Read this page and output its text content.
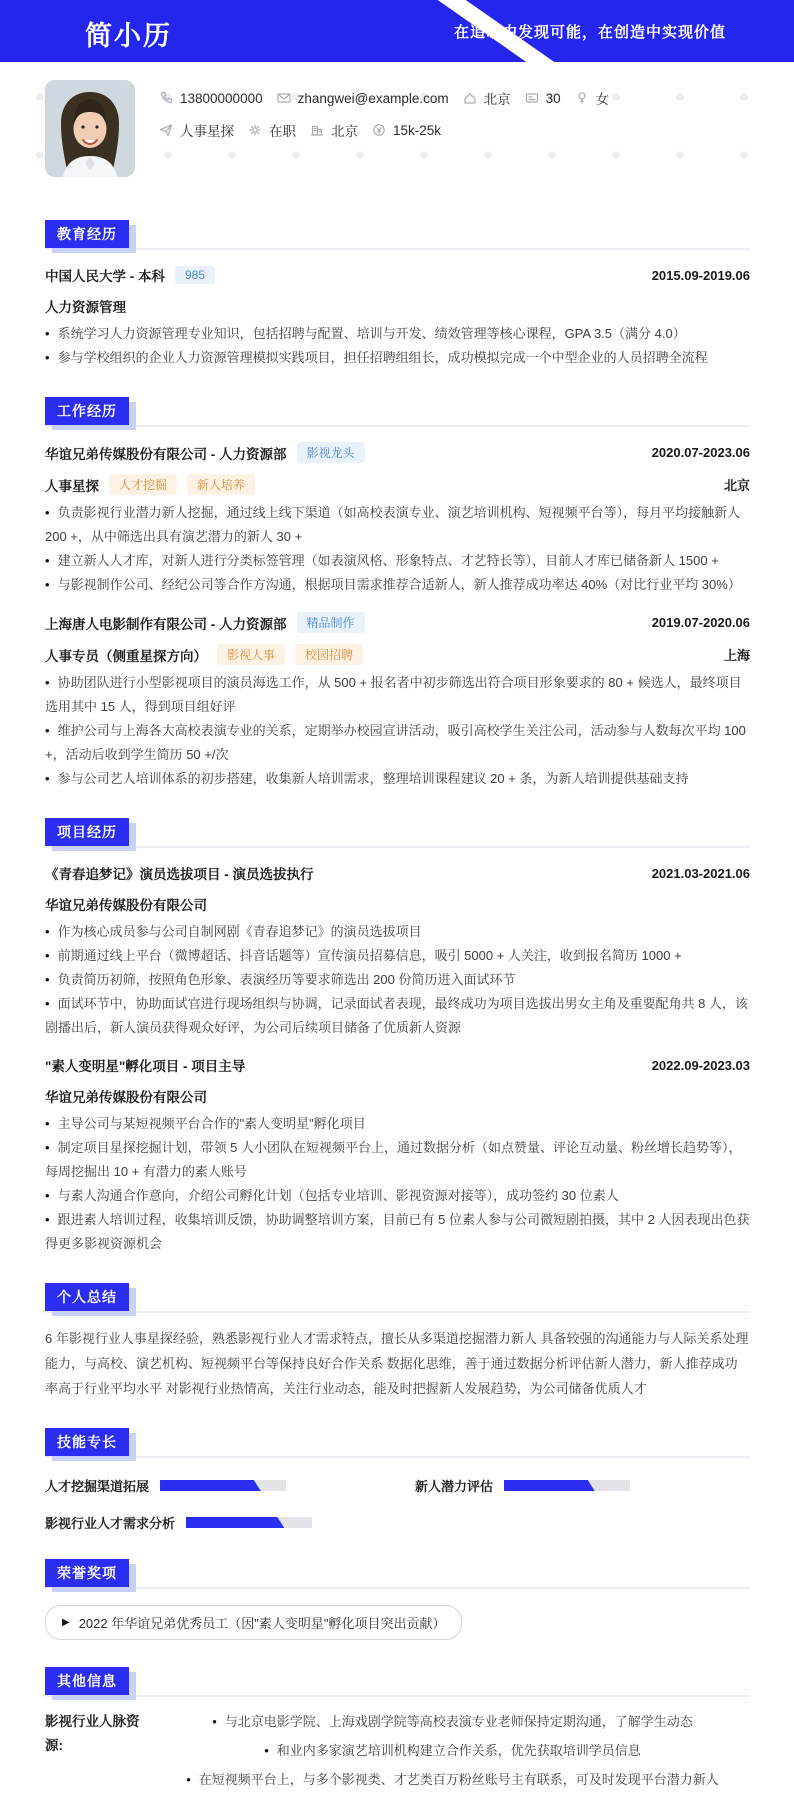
简小历	在追求中发现可能，在创造中实现价值
13800000000	zhangwei@example.com	北京	30	女
人事星探	在职	北京	15k-25k
教育经历
中国人民大学 - 本科	985	2015.09-2019.06
人力资源管理
• 系统学习人力资源管理专业知识，包括招聘与配置、培训与开发、绩效管理等核心课程，GPA 3.5（满分 4.0）
• 参与学校组织的企业人力资源管理模拟实践项目，担任招聘组组长，成功模拟完成一个中型企业的人员招聘全流程
工作经历
华谊兄弟传媒股份有限公司 - 人力资源部	影视龙头	2020.07-2023.06
人事星探	人才挖掘	新人培养	北京
• 负责影视行业潜力新人挖掘，通过线上线下渠道（如高校表演专业、演艺培训机构、短视频平台等），每月平均接触新人 200 +，从中筛选出具有演艺潜力的新人 30 +
• 建立新人人才库，对新人进行分类标签管理（如表演风格、形象特点、才艺特长等），目前人才库已储备新人 1500 +
• 与影视制作公司、经纪公司等合作方沟通，根据项目需求推荐合适新人，新人推荐成功率达 40%（对比行业平均 30%）
上海唐人电影制作有限公司 - 人力资源部	精品制作	2019.07-2020.06
人事专员（侧重星探方向）	影视人事	校园招聘	上海
• 协助团队进行小型影视项目的演员海选工作，从 500 + 报名者中初步筛选出符合项目形象要求的 80 + 候选人，最终项目选用其中 15 人，得到项目组好评
• 维护公司与上海各大高校表演专业的关系，定期举办校园宣讲活动，吸引高校学生关注公司，活动参与人数每次平均 100 +，活动后收到学生简历 50 +/次
• 参与公司艺人培训体系的初步搭建，收集新人培训需求，整理培训课程建议 20 + 条，为新人培训提供基础支持
项目经历
《青春追梦记》演员选拔项目 - 演员选拔执行	2021.03-2021.06
华谊兄弟传媒股份有限公司
• 作为核心成员参与公司自制网剧《青春追梦记》的演员选拔项目
• 前期通过线上平台（微博超话、抖音话题等）宣传演员招募信息，吸引 5000 + 人关注，收到报名简历 1000 +
• 负责简历初筛，按照角色形象、表演经历等要求筛选出 200 份简历进入面试环节
• 面试环节中，协助面试官进行现场组织与协调，记录面试者表现，最终成功为项目选拔出男女主角及重要配角共 8 人，该剧播出后，新人演员获得观众好评，为公司后续项目储备了优质新人资源
"素人变明星"孵化项目 - 项目主导	2022.09-2023.03
华谊兄弟传媒股份有限公司
• 主导公司与某短视频平台合作的"素人变明星"孵化项目
• 制定项目星探挖掘计划，带领 5 人小团队在短视频平台上，通过数据分析（如点赞量、评论互动量、粉丝增长趋势等），每周挖掘出 10 + 有潜力的素人账号
• 与素人沟通合作意向，介绍公司孵化计划（包括专业培训、影视资源对接等），成功签约 30 位素人
• 跟进素人培训过程，收集培训反馈，协助调整培训方案，目前已有 5 位素人参与公司微短剧拍摄，其中 2 人因表现出色获得更多影视资源机会
个人总结

6 年影视行业人事星探经验，熟悉影视行业人才需求特点，擅长从多渠道挖掘潜力新人 具备较强的沟通能力与人际关系处理能力，与高校、演艺机构、短视频平台等保持良好合作关系 数据化思维，善于通过数据分析评估新人潜力，新人推荐成功率高于行业平均水平 对影视行业热情高，关注行业动态，能及时把握新人发展趋势，为公司储备优质人才

技能专长
人才挖掘渠道拓展	新人潜力评估
影视行业人才需求分析
荣誉奖项
▶ 2022 年华谊兄弟优秀员工（因"素人变明星"孵化项目突出贡献）
其他信息
影视行业人脉资源:
• 与北京电影学院、上海戏剧学院等高校表演专业老师保持定期沟通，了解学生动态
• 和业内多家演艺培训机构建立合作关系，优先获取培训学员信息
• 在短视频平台上，与多个影视类、才艺类百万粉丝账号主有联系，可及时发现平台潜力新人
